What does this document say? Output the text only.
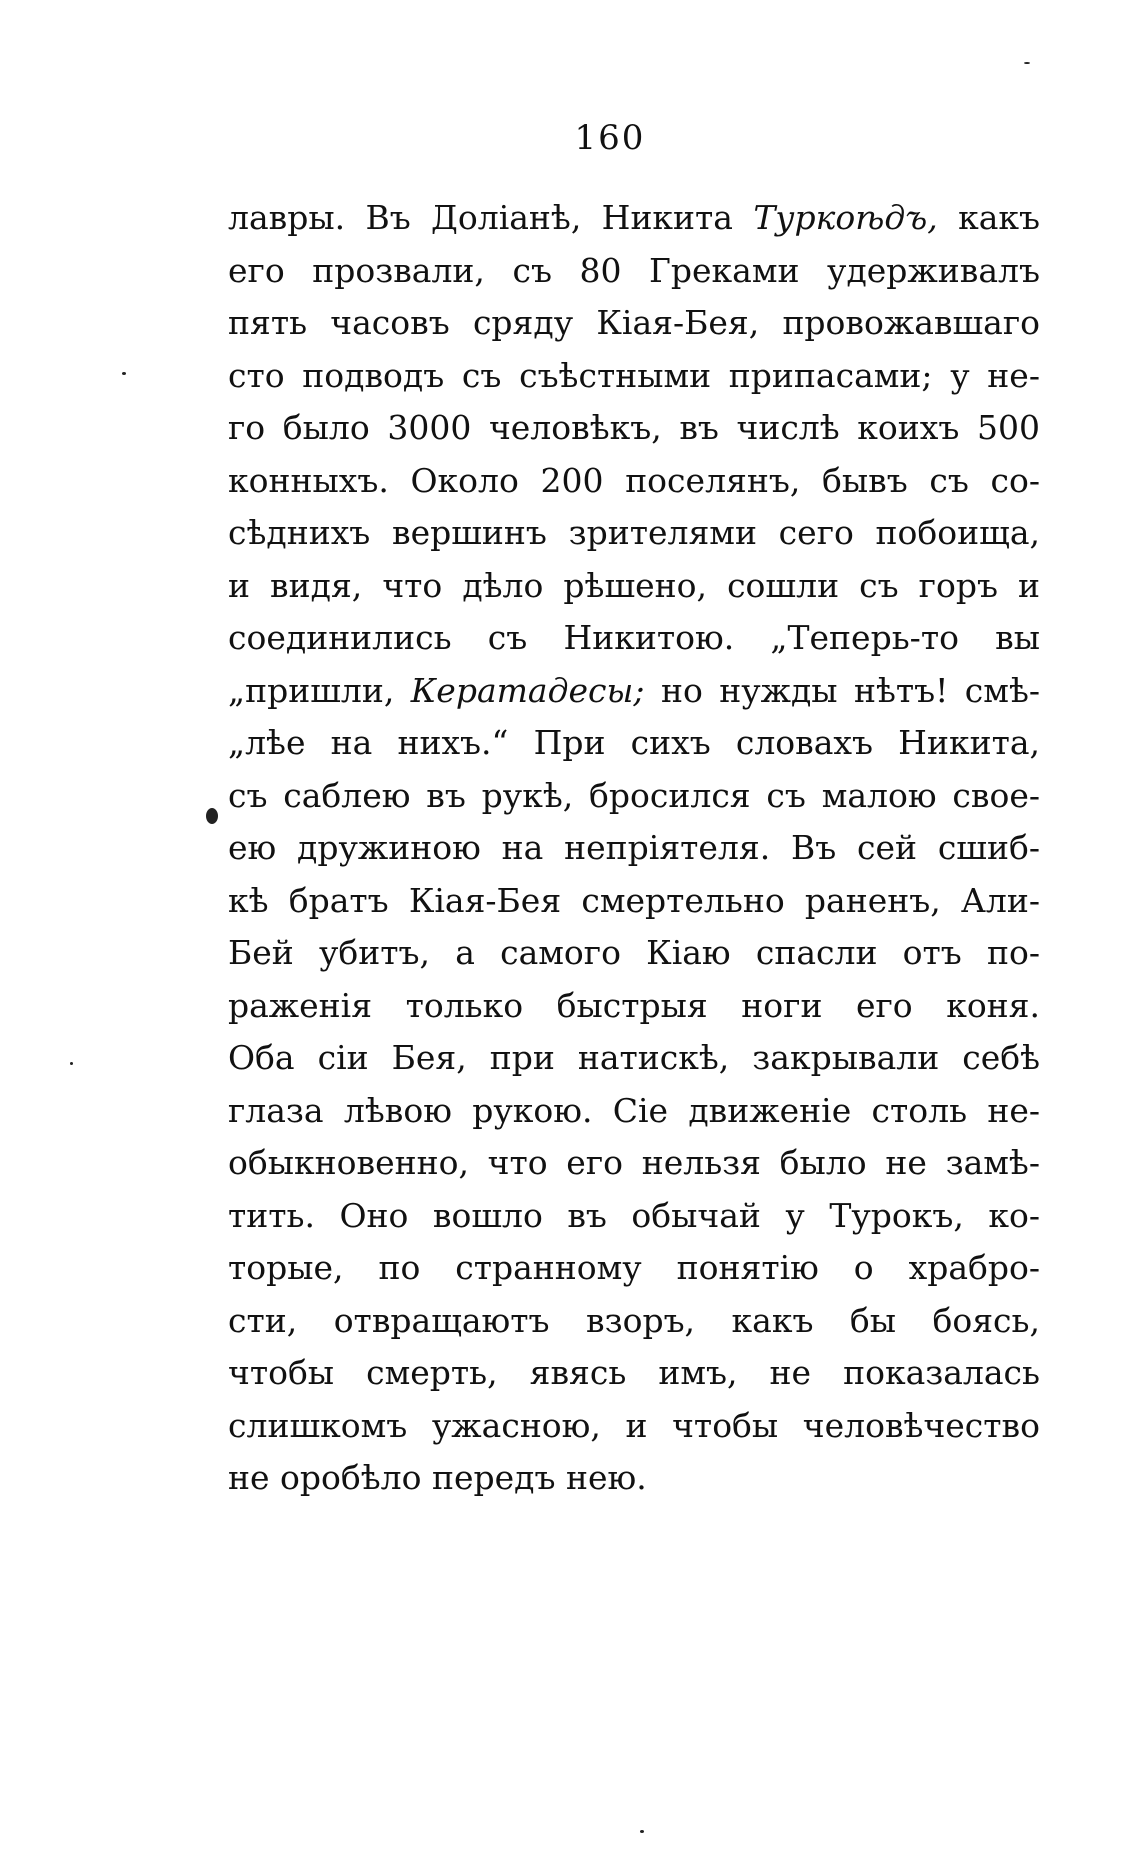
160
лавры. Въ Доліанѣ, Никита Туркоѣдъ, какъ
его прозвали, съ 80 Греками удерживалъ
пять часовъ сряду Кіая-Бея, провожавшаго
сто подводъ съ съѣстными припасами; у не-
го было 3000 человѣкъ, въ числѣ коихъ 500
конныхъ. Около 200 поселянъ, бывъ съ со-
сѣднихъ вершинъ зрителями сего побоища,
и видя, что дѣло рѣшено, сошли съ горъ и
соединились съ Никитою. „Теперь-то вы
„пришли, Кератадесы; но нужды нѣтъ! смѣ-
„лѣе на нихъ.“ При сихъ словахъ Никита,
съ саблею въ рукѣ, бросился съ малою свое-
ею дружиною на непріятеля. Въ сей сшиб-
кѣ братъ Кіая-Бея смертельно раненъ, Али-
Бей убитъ, а самого Кіаю спасли отъ по-
раженія только быстрыя ноги его коня.
Оба сіи Бея, при натискѣ, закрывали себѣ
глаза лѣвою рукою. Сіе движеніе столь не-
обыкновенно, что его нельзя было не замѣ-
тить. Оно вошло въ обычай у Турокъ, ко-
торые, по странному понятію о храбро-
сти, отвращаютъ взоръ, какъ бы боясь,
чтобы смерть, явясь имъ, не показалась
слишкомъ ужасною, и чтобы человѣчество
не оробѣло передъ нею.
